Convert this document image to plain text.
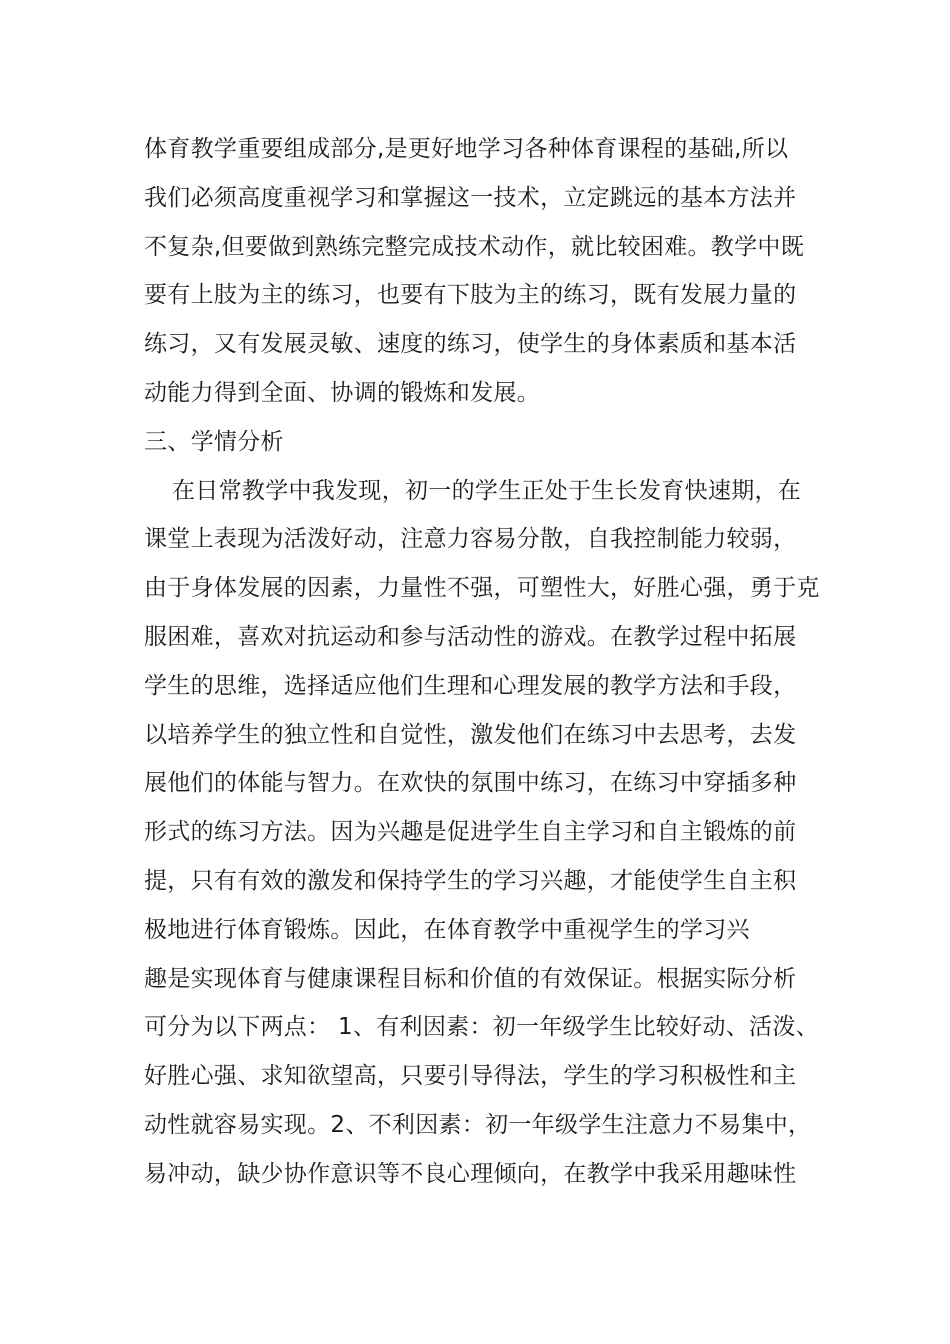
体育教学重要组成部分,是更好地学习各种体育课程的基础,所以
我们必须高度重视学习和掌握这一技术，立定跳远的基本方法并
不复杂,但要做到熟练完整完成技术动作，就比较困难。教学中既
要有上肢为主的练习，也要有下肢为主的练习，既有发展力量的
练习，又有发展灵敏、速度的练习，使学生的身体素质和基本活
动能力得到全面、协调的锻炼和发展。
三、学情分析
在日常教学中我发现，初一的学生正处于生长发育快速期，在
课堂上表现为活泼好动，注意力容易分散，自我控制能力较弱，
由于身体发展的因素，力量性不强，可塑性大，好胜心强，勇于克
服困难，喜欢对抗运动和参与活动性的游戏。在教学过程中拓展
学生的思维，选择适应他们生理和心理发展的教学方法和手段，
以培养学生的独立性和自觉性，激发他们在练习中去思考，去发
展他们的体能与智力。在欢快的氛围中练习，在练习中穿插多种
形式的练习方法。因为兴趣是促进学生自主学习和自主锻炼的前
提，只有有效的激发和保持学生的学习兴趣，才能使学生自主积
极地进行体育锻炼。因此，在体育教学中重视学生的学习兴
趣是实现体育与健康课程目标和价值的有效保证。根据实际分析
可分为以下两点： 1、有利因素：初一年级学生比较好动、活泼、
好胜心强、求知欲望高，只要引导得法，学生的学习积极性和主
动性就容易实现。2、不利因素：初一年级学生注意力不易集中，
易冲动，缺少协作意识等不良心理倾向，在教学中我采用趣味性
